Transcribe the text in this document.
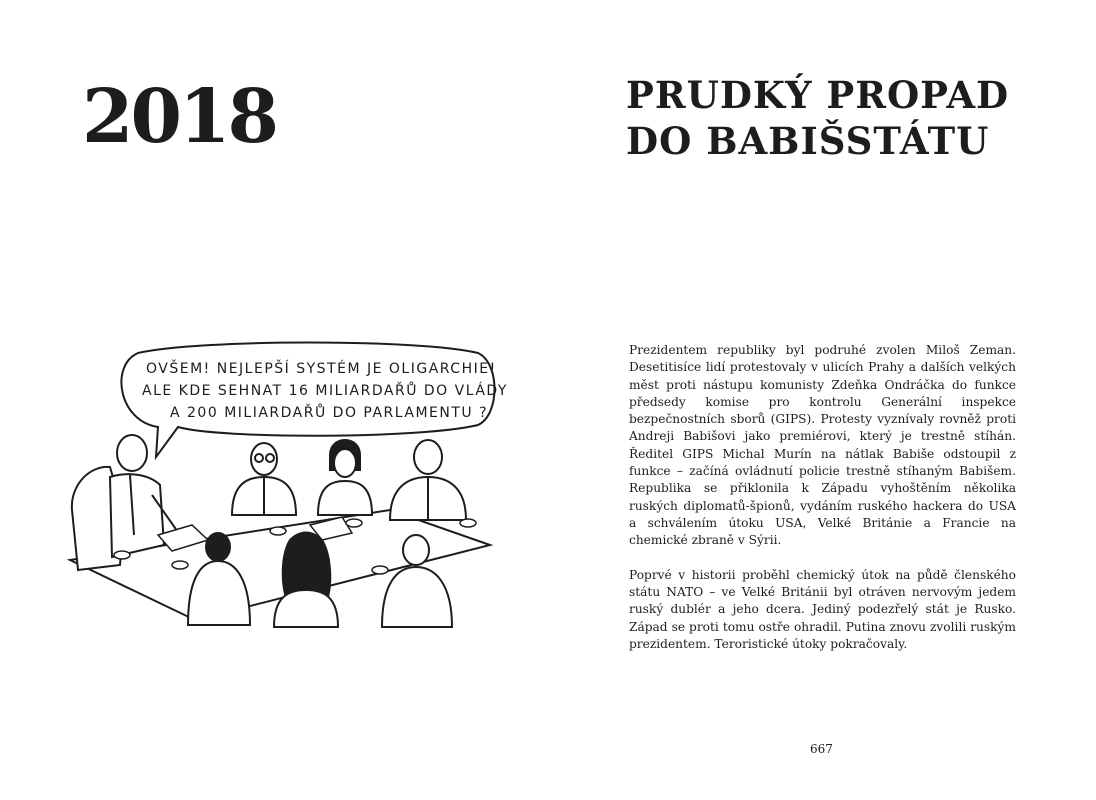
2018
OVŠEM! NEJLEPŠÍ SYSTÉM JE OLIGARCHIE!
ALE KDE SEHNAT 16 MILIARDAŘŮ DO VLÁDY
A 200 MILIARDAŘŮ DO PARLAMENTU ?
PRUDKÝ PROPAD
DO BABIŠSTÁTU

Prezidentem republiky byl podruhé zvolen Miloš Zeman. Desetitisíce lidí protestovaly v ulicích Prahy a dalších velkých měst proti nástupu komunisty Zdeňka Ondráčka do funkce předsedy komise pro kontrolu Generální inspekce bezpečnostních sborů (GIPS). Protesty vyznívaly rovněž proti Andreji Babišovi jako premiérovi, který je trestně stíhán. Ředitel GIPS Michal Murín na nátlak Babiše odstoupil z funkce – začíná ovládnutí policie trestně stíhaným Babišem. Republika se přiklonila k Západu vyhoštěním několika ruských diplomatů-špionů, vydáním ruského hackera do USA a schválením útoku USA, Velké Británie a Francie na chemické zbraně v Sýrii.

Poprvé v historii proběhl chemický útok na půdě členského státu NATO – ve Velké Británii byl otráven nervovým jedem ruský dublér a jeho dcera. Jediný podezřelý stát je Rusko. Západ se proti tomu ostře ohradil. Putina znovu zvolili ruským prezidentem. Teroristické útoky pokračovaly.

667
